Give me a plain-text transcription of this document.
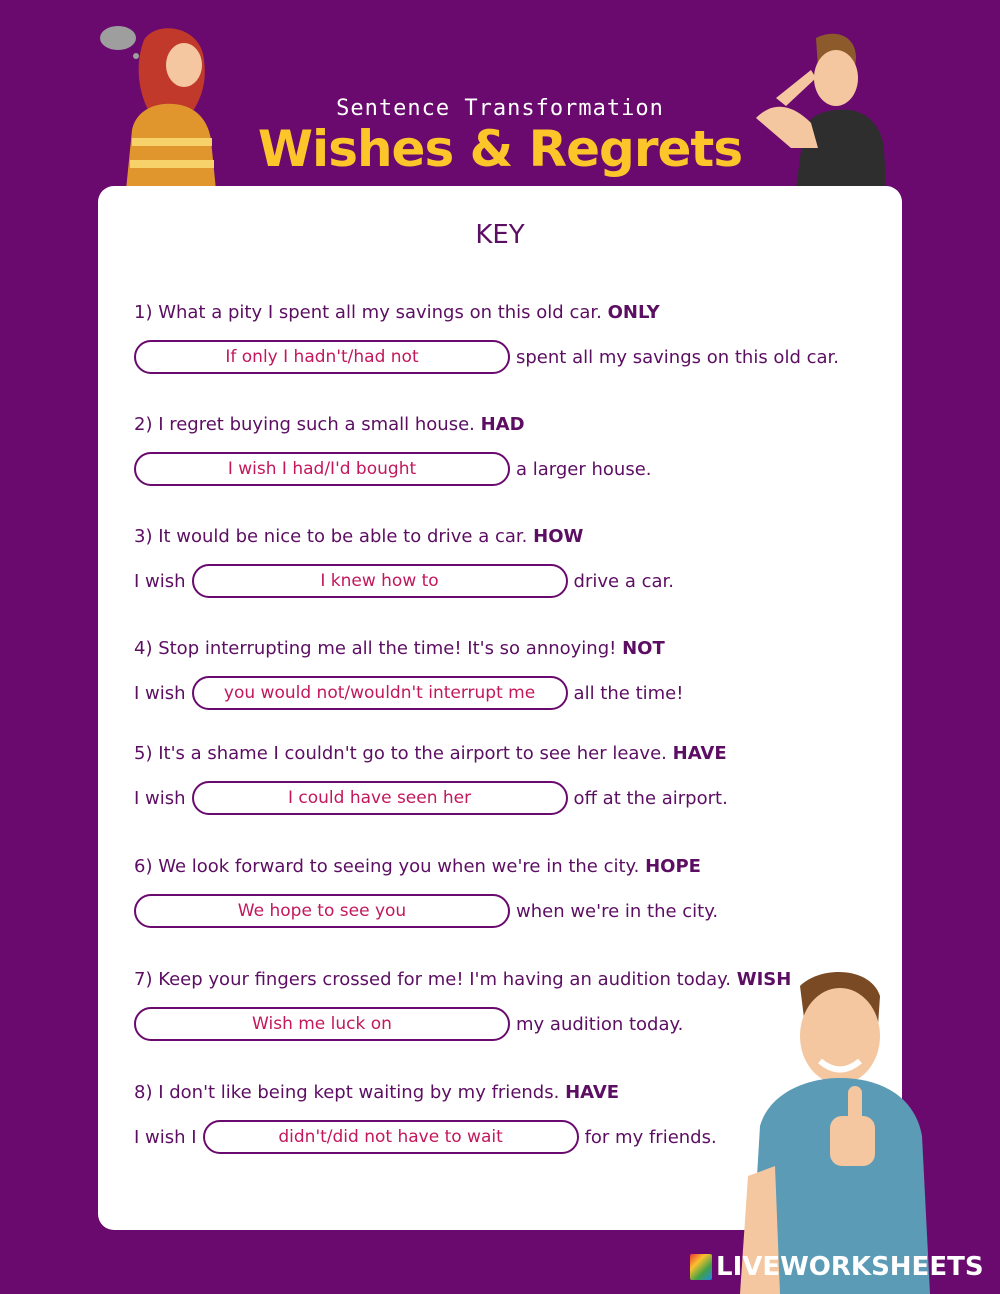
Sentence Transformation
Wishes & Regrets
KEY
1) What a pity I spent all my savings on this old car. ONLY
If only I hadn't/had not	spent all my savings on this old car.
2) I regret buying such a small house. HAD
I wish I had/I'd bought	a larger house.
3) It would be nice to be able to drive a car. HOW
I wish	I knew how to	drive a car.
4) Stop interrupting me all the time! It's so annoying! NOT
I wish	you would not/wouldn't interrupt me	all the time!
5) It's a shame I couldn't go to the airport to see her leave. HAVE
I wish	I could have seen her	off at the airport.
6) We look forward to seeing you when we're in the city. HOPE
We hope to see you	when we're in the city.
7) Keep your fingers crossed for me! I'm having an audition today. WISH
Wish me luck on	my audition today.
8) I don't like being kept waiting by my friends. HAVE
I wish I	didn't/did not have to wait	for my friends.
LIVEWORKSHEETS
